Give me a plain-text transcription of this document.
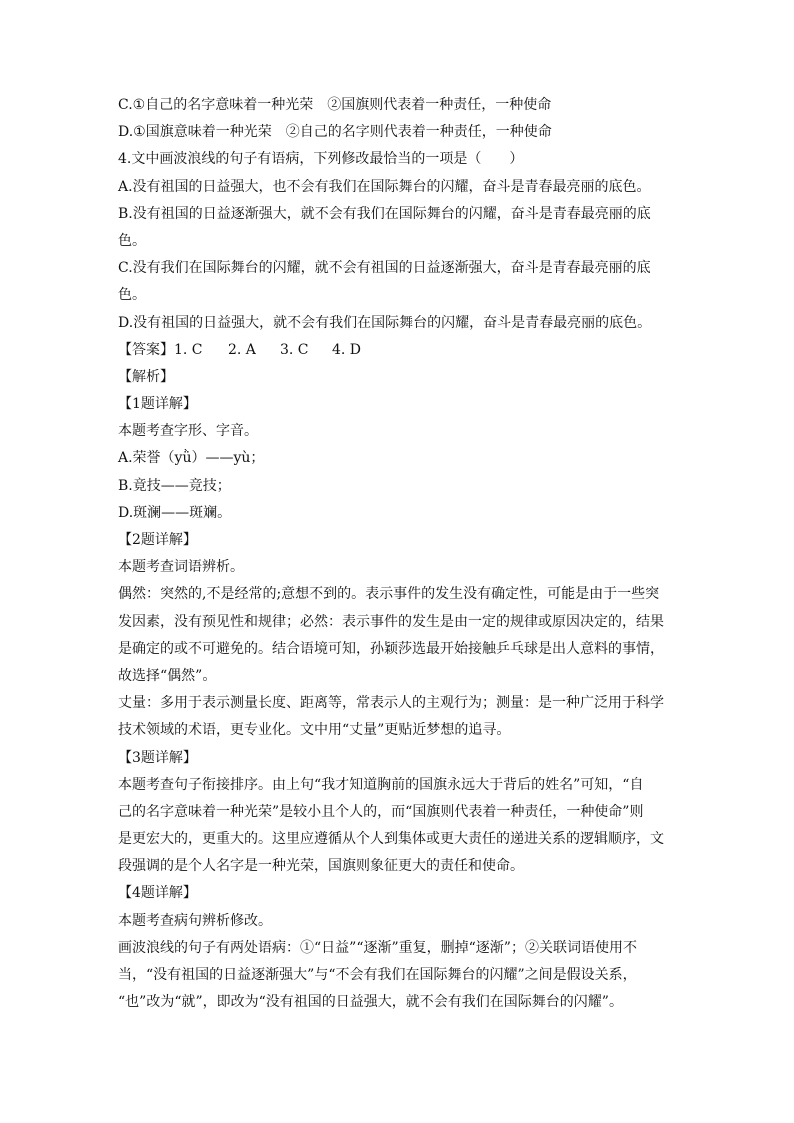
C.①自己的名字意味着一种光荣　②国旗则代表着一种责任，一种使命
D.①国旗意味着一种光荣　②自己的名字则代表着一种责任，一种使命
4.文中画波浪线的句子有语病，下列修改最恰当的一项是（　　）
A.没有祖国的日益强大，也不会有我们在国际舞台的闪耀，奋斗是青春最亮丽的底色。
B.没有祖国的日益逐渐强大，就不会有我们在国际舞台的闪耀，奋斗是青春最亮丽的底
色。
C.没有我们在国际舞台的闪耀，就不会有祖国的日益逐渐强大，奋斗是青春最亮丽的底
色。
D.没有祖国的日益强大，就不会有我们在国际舞台的闪耀，奋斗是青春最亮丽的底色。
【答案】 1. C	2. A	3. C	4. D
【解析】
【1题详解】
本题考查字形、字音。
A.荣誉（yǜ）——yù；
B.竟技——竞技；
D.斑澜——斑斓。
【2题详解】
本题考查词语辨析。
偶然：突然的,不是经常的;意想不到的。表示事件的发生没有确定性，可能是由于一些突
发因素，没有预见性和规律；必然：表示事件的发生是由一定的规律或原因决定的，结果
是确定的或不可避免的。结合语境可知，孙颖莎选最开始接触乒乓球是出人意料的事情，
故选择“偶然”。
丈量：多用于表示测量长度、距离等，常表示人的主观行为；测量：是一种广泛用于科学
技术领域的术语，更专业化。文中用“丈量”更贴近梦想的追寻。
【3题详解】
本题考查句子衔接排序。由上句“我才知道胸前的国旗永远大于背后的姓名”可知，“自
己的名字意味着一种光荣”是较小且个人的，而“国旗则代表着一种责任，一种使命”则
是更宏大的，更重大的。这里应遵循从个人到集体或更大责任的递进关系的逻辑顺序，文
段强调的是个人名字是一种光荣，国旗则象征更大的责任和使命。
【4题详解】
本题考查病句辨析修改。
画波浪线的句子有两处语病：①“日益”“逐渐”重复，删掉“逐渐”；②关联词语使用不
当，“没有祖国的日益逐渐强大”与“不会有我们在国际舞台的闪耀”之间是假设关系，
“也”改为“就”，即改为“没有祖国的日益强大，就不会有我们在国际舞台的闪耀”。
